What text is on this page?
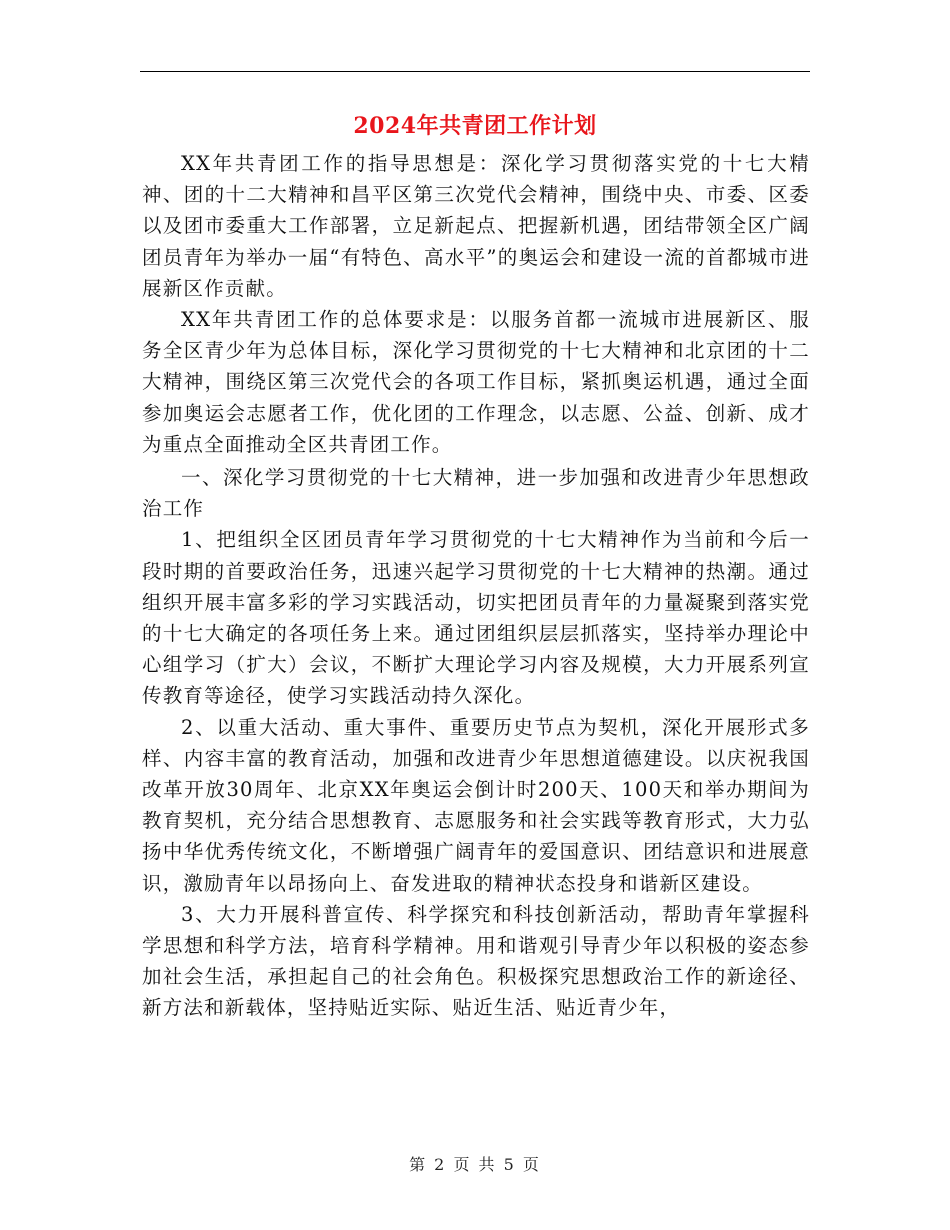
2024年共青团工作计划

XX年共青团工作的指导思想是：深化学习贯彻落实党的十七大精神、团的十二大精神和昌平区第三次党代会精神，围绕中央、市委、区委以及团市委重大工作部署，立足新起点、把握新机遇，团结带领全区广阔团员青年为举办一届“有特色、高水平”的奥运会和建设一流的首都城市进展新区作贡献。

XX年共青团工作的总体要求是：以服务首都一流城市进展新区、服务全区青少年为总体目标，深化学习贯彻党的十七大精神和北京团的十二大精神，围绕区第三次党代会的各项工作目标，紧抓奥运机遇，通过全面参加奥运会志愿者工作，优化团的工作理念，以志愿、公益、创新、成才为重点全面推动全区共青团工作。

一、深化学习贯彻党的十七大精神，进一步加强和改进青少年思想政治工作

1、把组织全区团员青年学习贯彻党的十七大精神作为当前和今后一段时期的首要政治任务，迅速兴起学习贯彻党的十七大精神的热潮。通过组织开展丰富多彩的学习实践活动，切实把团员青年的力量凝聚到落实党的十七大确定的各项任务上来。通过团组织层层抓落实，坚持举办理论中心组学习（扩大）会议，不断扩大理论学习内容及规模，大力开展系列宣传教育等途径，使学习实践活动持久深化。

2、以重大活动、重大事件、重要历史节点为契机，深化开展形式多样、内容丰富的教育活动，加强和改进青少年思想道德建设。以庆祝我国改革开放30周年、北京XX年奥运会倒计时200天、100天和举办期间为教育契机，充分结合思想教育、志愿服务和社会实践等教育形式，大力弘扬中华优秀传统文化，不断增强广阔青年的爱国意识、团结意识和进展意识，激励青年以昂扬向上、奋发进取的精神状态投身和谐新区建设。

3、大力开展科普宣传、科学探究和科技创新活动，帮助青年掌握科学思想和科学方法，培育科学精神。用和谐观引导青少年以积极的姿态参加社会生活，承担起自己的社会角色。积极探究思想政治工作的新途径、新方法和新载体，坚持贴近实际、贴近生活、贴近青少年，

第 2 页 共 5 页
